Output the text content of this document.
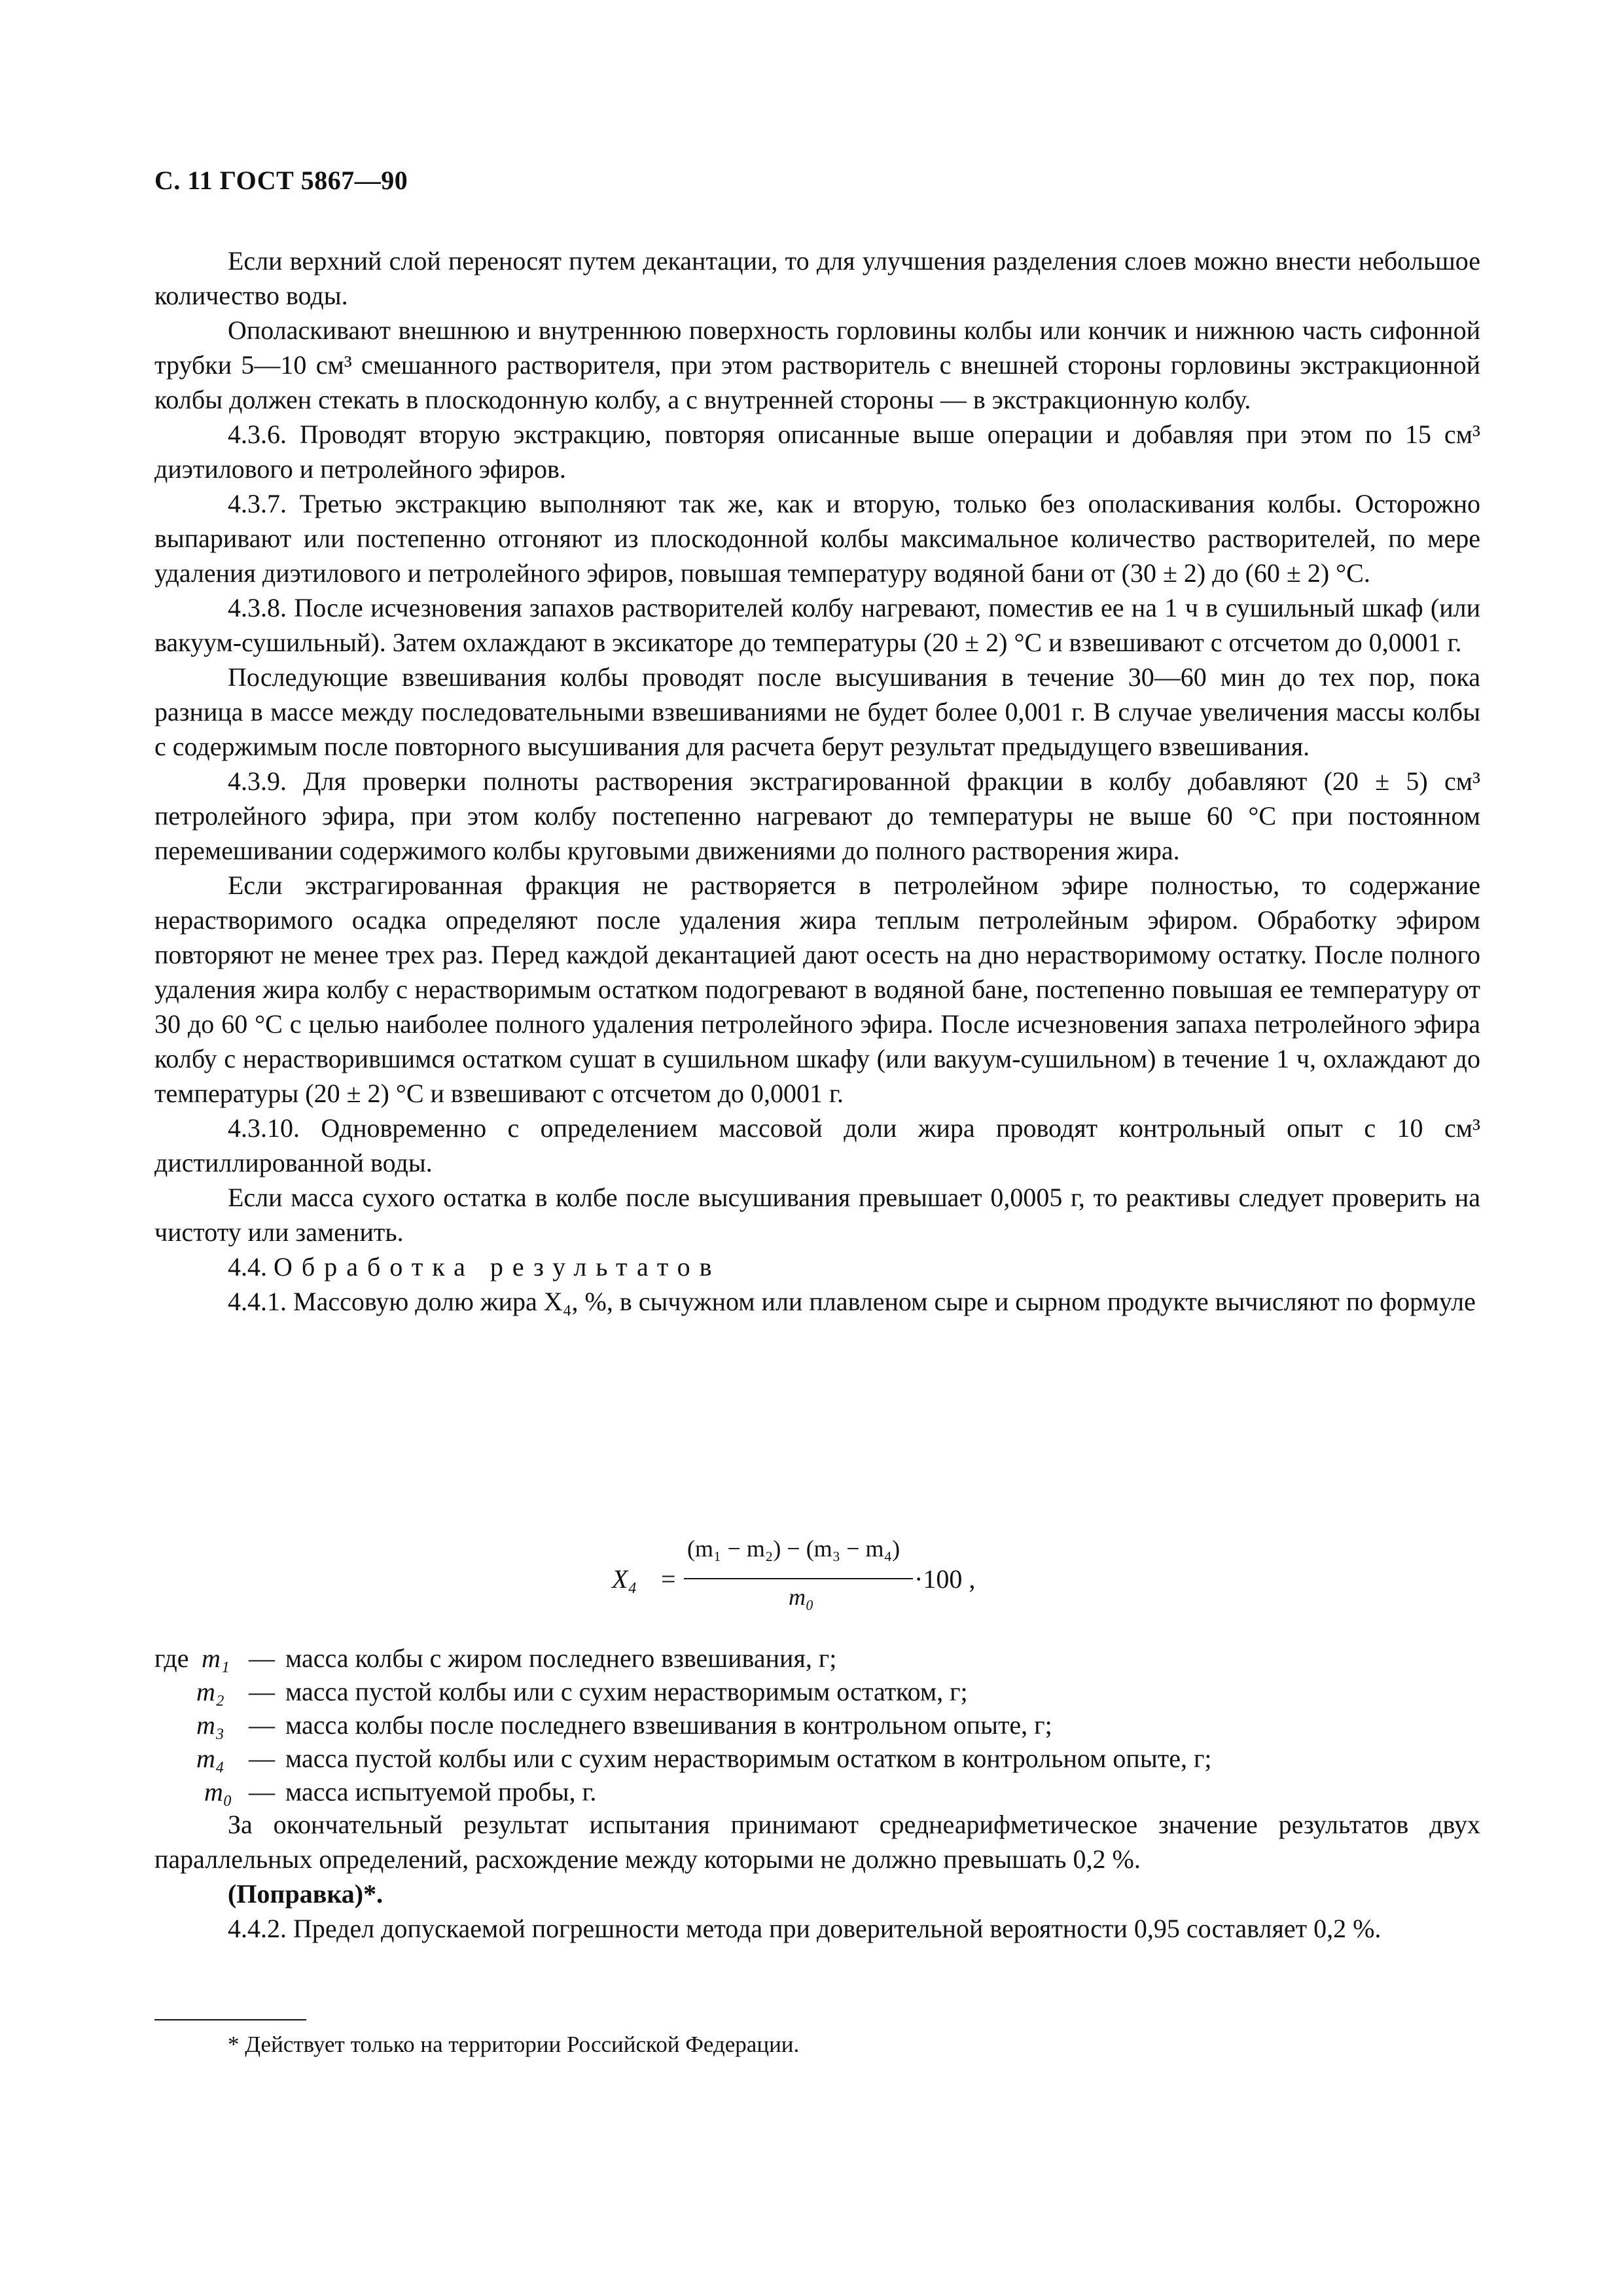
С. 11 ГОСТ 5867—90

Если верхний слой переносят путем декантации, то для улучшения разделения слоев можно внести небольшое количество воды.

Ополаскивают внешнюю и внутреннюю поверхность горловины колбы или кончик и нижнюю часть сифонной трубки 5—10 см³ смешанного растворителя, при этом растворитель с внешней стороны горловины экстракционной колбы должен стекать в плоскодонную колбу, а с внутренней стороны — в экстракционную колбу.

4.3.6. Проводят вторую экстракцию, повторяя описанные выше операции и добавляя при этом по 15 см³ диэтилового и петролейного эфиров.

4.3.7. Третью экстракцию выполняют так же, как и вторую, только без ополаскивания колбы. Осторожно выпаривают или постепенно отгоняют из плоскодонной колбы максимальное количество растворителей, по мере удаления диэтилового и петролейного эфиров, повышая температуру водяной бани от (30 ± 2) до (60 ± 2) °С.

4.3.8. После исчезновения запахов растворителей колбу нагревают, поместив ее на 1 ч в сушильный шкаф (или вакуум-сушильный). Затем охлаждают в эксикаторе до температуры (20 ± 2) °С и взвешивают с отсчетом до 0,0001 г.

Последующие взвешивания колбы проводят после высушивания в течение 30—60 мин до тех пор, пока разница в массе между последовательными взвешиваниями не будет более 0,001 г. В случае увеличения массы колбы с содержимым после повторного высушивания для расчета берут результат предыдущего взвешивания.

4.3.9. Для проверки полноты растворения экстрагированной фракции в колбу добавляют (20 ± 5) см³ петролейного эфира, при этом колбу постепенно нагревают до температуры не выше 60 °С при постоянном перемешивании содержимого колбы круговыми движениями до полного растворения жира.

Если экстрагированная фракция не растворяется в петролейном эфире полностью, то содержание нерастворимого осадка определяют после удаления жира теплым петролейным эфиром. Обработку эфиром повторяют не менее трех раз. Перед каждой декантацией дают осесть на дно нерастворимому остатку. После полного удаления жира колбу с нерастворимым остатком подогревают в водяной бане, постепенно повышая ее температуру от 30 до 60 °С с целью наиболее полного удаления петролейного эфира. После исчезновения запаха петролейного эфира колбу с нерастворившимся остатком сушат в сушильном шкафу (или вакуум-сушильном) в течение 1 ч, охлаждают до температуры (20 ± 2) °С и взвешивают с отсчетом до 0,0001 г.

4.3.10. Одновременно с определением массовой доли жира проводят контрольный опыт с 10 см³ дистиллированной воды.

Если масса сухого остатка в колбе после высушивания превышает 0,0005 г, то реактивы следует проверить на чистоту или заменить.

4.4. Обработка результатов

4.4.1. Массовую долю жира X₄, %, в сычужном или плавленом сыре и сырном продукте вычисляют по формуле

X₄ =
(m₁ − m₂) − (m₃ − m₄)
m₀
·100 ,
где m₁ — масса колбы с жиром последнего взвешивания, г;
m₂ — масса пустой колбы или с сухим нерастворимым остатком, г;
m₃ — масса колбы после последнего взвешивания в контрольном опыте, г;
m₄ — масса пустой колбы или с сухим нерастворимым остатком в контрольном опыте, г;
m₀ — масса испытуемой пробы, г.

За окончательный результат испытания принимают среднеарифметическое значение результатов двух параллельных определений, расхождение между которыми не должно превышать 0,2 %.

(Поправка)*.

4.4.2. Предел допускаемой погрешности метода при доверительной вероятности 0,95 составляет 0,2 %.

* Действует только на территории Российской Федерации.
